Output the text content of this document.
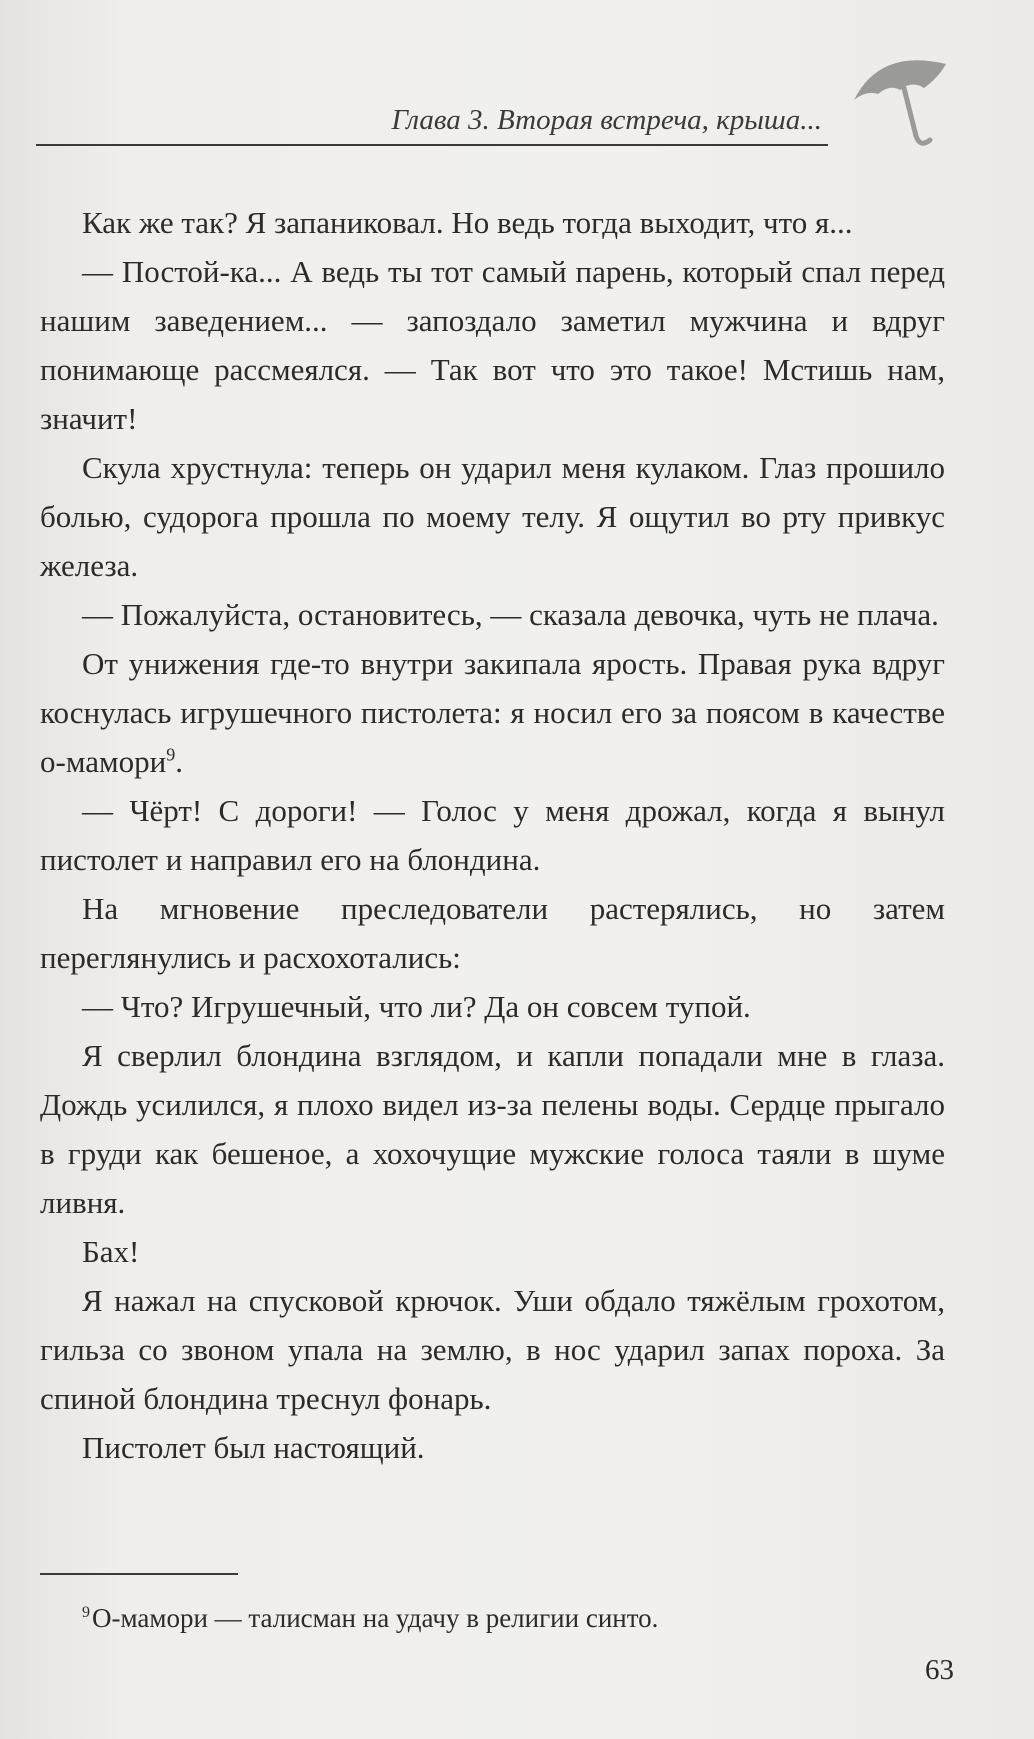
Глава 3. Вторая встреча, крыша...

Как же так? Я запаниковал. Но ведь тогда выходит, что я...

— Постой-ка... А ведь ты тот самый парень, который спал перед нашим заведением... — запоздало заметил мужчина и вдруг понимающе рассмеялся. — Так вот что это такое! Мстишь нам, значит!

Скула хрустнула: теперь он ударил меня кулаком. Глаз прошило болью, судорога прошла по моему телу. Я ощутил во рту привкус железа.

— Пожалуйста, остановитесь, — сказала девочка, чуть не плача.

От унижения где-то внутри закипала ярость. Правая рука вдруг коснулась игрушечного пистолета: я носил его за поясом в качестве о-мамори$^9$.

— Чёрт! С дороги! — Голос у меня дрожал, когда я вынул пистолет и направил его на блондина.

На мгновение преследователи растерялись, но затем переглянулись и расхохотались:

— Что? Игрушечный, что ли? Да он совсем тупой.

Я сверлил блондина взглядом, и капли попадали мне в глаза. Дождь усилился, я плохо видел из-за пелены воды. Сердце прыгало в груди как бешеное, а хохочущие мужские голоса таяли в шуме ливня.

Бах!

Я нажал на спусковой крючок. Уши обдало тяжёлым грохотом, гильза со звоном упала на землю, в нос ударил запах пороха. За спиной блондина треснул фонарь.

Пистолет был настоящий.

$^9$О-мамори — талисман на удачу в религии синто.
63
